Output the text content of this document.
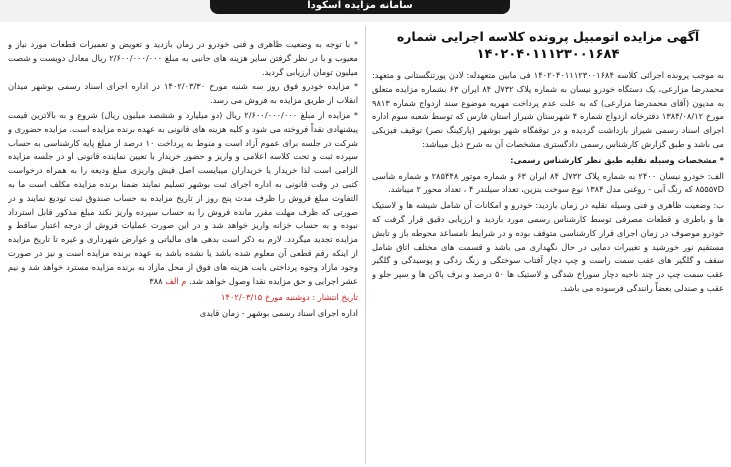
سامانه مزایده اسکودا

آگهی مزایده اتومبیل پرونده کلاسه اجرایی شماره

۱۴۰۲۰۴۰۱۱۱۲۳۰۰۱۶۸۴

به موجب پرونده اجرائی کلاسه ۱۴۰۲۰۴۰۱۱۱۲۳۰۰۱۶۸۴ فی مابین متعهدله: لادن پورتنگستانی و متعهد: محمدرضا مزارعی، یک دستگاه خودرو نیسان به شماره پلاک ۷۳۲ل ۸۴ ایران ۶۳ بشماره مزایده متعلق به مدیون (آقای محمدرضا مزارعی) که به علت عدم پرداخت مهریه موضوع سند ازدواج شماره ۹۸۱۳ مورخ ۱۳۸۴/۰۸/۱۲ دفترخانه ازدواج شماره ۴ شهرستان شیراز استان فارس که توسط شعبه سوم اداره اجرای اسناد رسمی شیراز بازداشت گردیده و در توقفگاه شهر بوشهر (پارکینگ نصر) توقیف فیزیکی می باشد و طبق گزارش کارشناس رسمی دادگستری مشخصات آن به شرح ذیل میباشد:

* مشخصات وسیله نقلیه طبق نظر کارشناس رسمی:

الف: خودرو نیسان ۲۴۰۰ به شماره پلاک ۷۳۲ل ۸۴ ایران ۶۳ و شماره موتور ۲۸۵۴۴۸ و شماره شاسی ۸۵۵۵۷D که رنگ آبی - روغنی مدل ۱۳۸۴ نوع سوخت بنزین، تعداد سیلندر ۴ ، تعداد محور ۲ میباشد.

ب: وضعیت ظاهری و فنی وسیله نقلیه در زمان بازدید: خودرو و امکانات آن شامل شیشه ها و لاستیک ها و باطری و قطعات مصرفی توسط کارشناس رسمی مورد بازدید و ارزیابی دقیق قرار گرفت که خودرو موصوف در زمان اجرای قرار کارشناسی متوقف بوده و در شرایط نامساعد محوطه باز و تابش مستقیم نور خورشید و تغییرات دمایی در حال نگهداری می باشد و قسمت های مختلف اتاق شامل سقف و گلگیر های عقب سمت راست و چپ دچار آفتاب سوختگی و زنگ زدگی و پوسیدگی و گلگیر عقب سمت چپ در چند ناحیه دچار سوراخ شدگی و لاستیک ها ۵۰ درصد و برف پاکن ها و سپر جلو و عقب و صندلی بعضاً رانندگی فرسوده می باشد.

* با توجه به وضعیت ظاهری و فنی خودرو در زمان بازدید و تعویض و تعمیرات قطعات مورد نیاز و معیوب و با در نظر گرفتن سایر هزینه های جانبی به مبلغ ۲/۶۰۰/۰۰۰/۰۰۰ ریال معادل دویست و شصت میلیون تومان ارزیابی گردید.

* مزایده خودرو فوق روز سه شنبه مورخ ۱۴۰۲/۰۳/۳۰ در اداره اجرای اسناد رسمی بوشهر میدان انقلاب از طریق مزایده به فروش می رسد.

* مزایده از مبلغ ۲/۶۰۰/۰۰۰/۰۰۰ ریال (دو میلیارد و ششصد میلیون ریال) شروع و به بالاترین قیمت پیشنهادی نقداً فروخته می شود و کلیه هزینه های قانونی به عهده برنده مزایده است. مزایده حضوری و شرکت در جلسه برای عموم آزاد است و منوط به پرداخت ۱۰ درصد از مبلغ پایه کارشناسی به حساب سپرده ثبت و تحت کلاسه اعلامی و واریز و حضور خریدار با تعیین نماینده قانونی او در جلسه مزایده الزامی است لذا خریدار یا خریداران میبایست اصل فیش واریزی مبلغ ودیعه را به همراه درخواست کتبی در وقت قانونی به اداره اجرای ثبت بوشهر تسلیم نمایند ضمنا برنده مزایده مکلف است ما به التفاوت مبلغ فروش را ظرف مدت پنج روز از تاریخ مزایده به حساب صندوق ثبت تودیع نمایند و در صورتی که ظرف مهلت مقرر مانده فروش را به حساب سپرده واریز نکند مبلغ مذکور قابل استرداد نبوده و به حساب خزانه واریز خواهد شد و در این صورت عملیات فروش از درجه اعتبار ساقط و مزایده تجدید میگردد. لازم به ذکر است بدهی های مالیاتی و عوارض شهرداری و غیره تا تاریخ مزایده از اینکه رقم قطعی آن معلوم شده باشد یا نشده باشد به عهده برنده مزایده است و نیز در صورت وجود مازاد وجوه پرداختی بابت هزینه های فوق از محل مازاد به برنده مزایده مسترد خواهد شد و نیم عشر اجرایی و حق مزایده نقدا وصول خواهد شد. م الف ۳۸۸

تاریخ انتشار : دوشنبه مورخ ۱۴۰۲/۰۳/۱۵

اداره اجرای اسناد رسمی بوشهر - زمان قایدی
